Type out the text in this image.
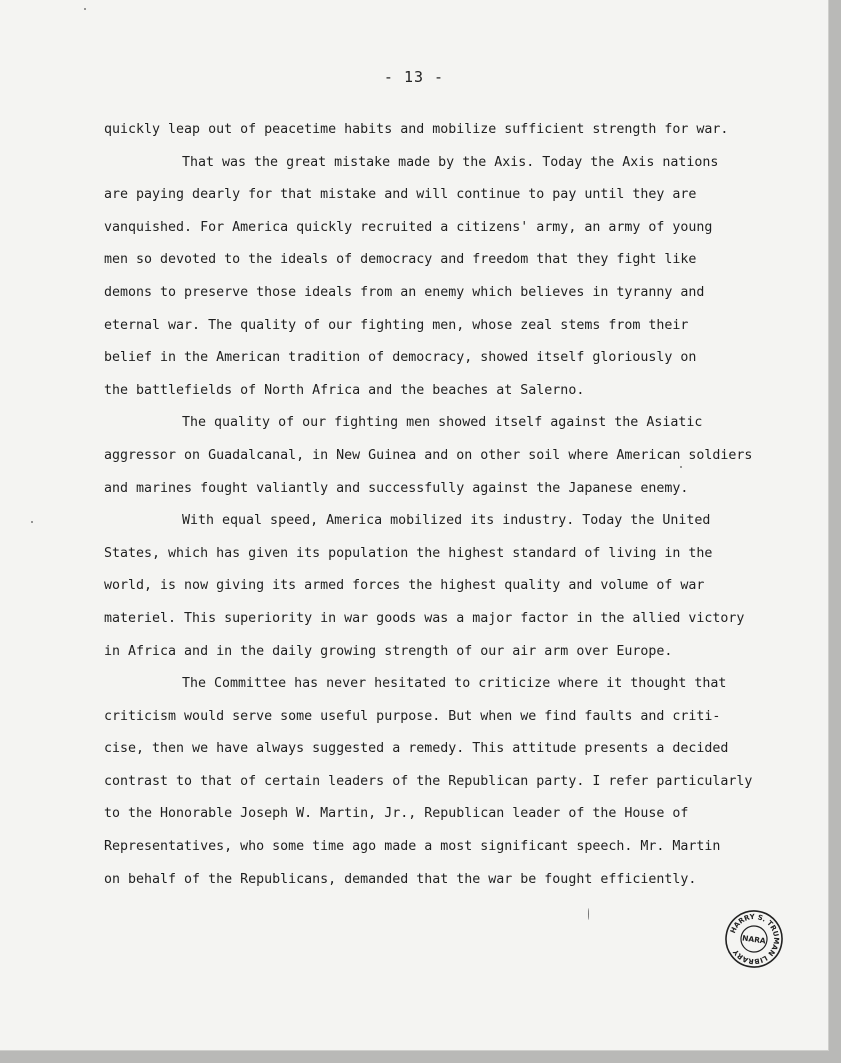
- 13 -
quickly leap out of peacetime habits and mobilize sufficient strength for war.
That was the great mistake made by the Axis. Today the Axis nations
are paying dearly for that mistake and will continue to pay until they are
vanquished. For America quickly recruited a citizens' army, an army of young
men so devoted to the ideals of democracy and freedom that they fight like
demons to preserve those ideals from an enemy which believes in tyranny and
eternal war. The quality of our fighting men, whose zeal stems from their
belief in the American tradition of democracy, showed itself gloriously on
the battlefields of North Africa and the beaches at Salerno.
The quality of our fighting men showed itself against the Asiatic
aggressor on Guadalcanal, in New Guinea and on other soil where American soldiers
and marines fought valiantly and successfully against the Japanese enemy.
With equal speed, America mobilized its industry. Today the United
States, which has given its population the highest standard of living in the
world, is now giving its armed forces the highest quality and volume of war
materiel. This superiority in war goods was a major factor in the allied victory
in Africa and in the daily growing strength of our air arm over Europe.
The Committee has never hesitated to criticize where it thought that
criticism would serve some useful purpose. But when we find faults and criti-
cise, then we have always suggested a remedy. This attitude presents a decided
contrast to that of certain leaders of the Republican party. I refer particularly
to the Honorable Joseph W. Martin, Jr., Republican leader of the House of
Representatives, who some time ago made a most significant speech. Mr. Martin
on behalf of the Republicans, demanded that the war be fought efficiently.
HARRY S. TRUMAN LIBRARY
NARA
